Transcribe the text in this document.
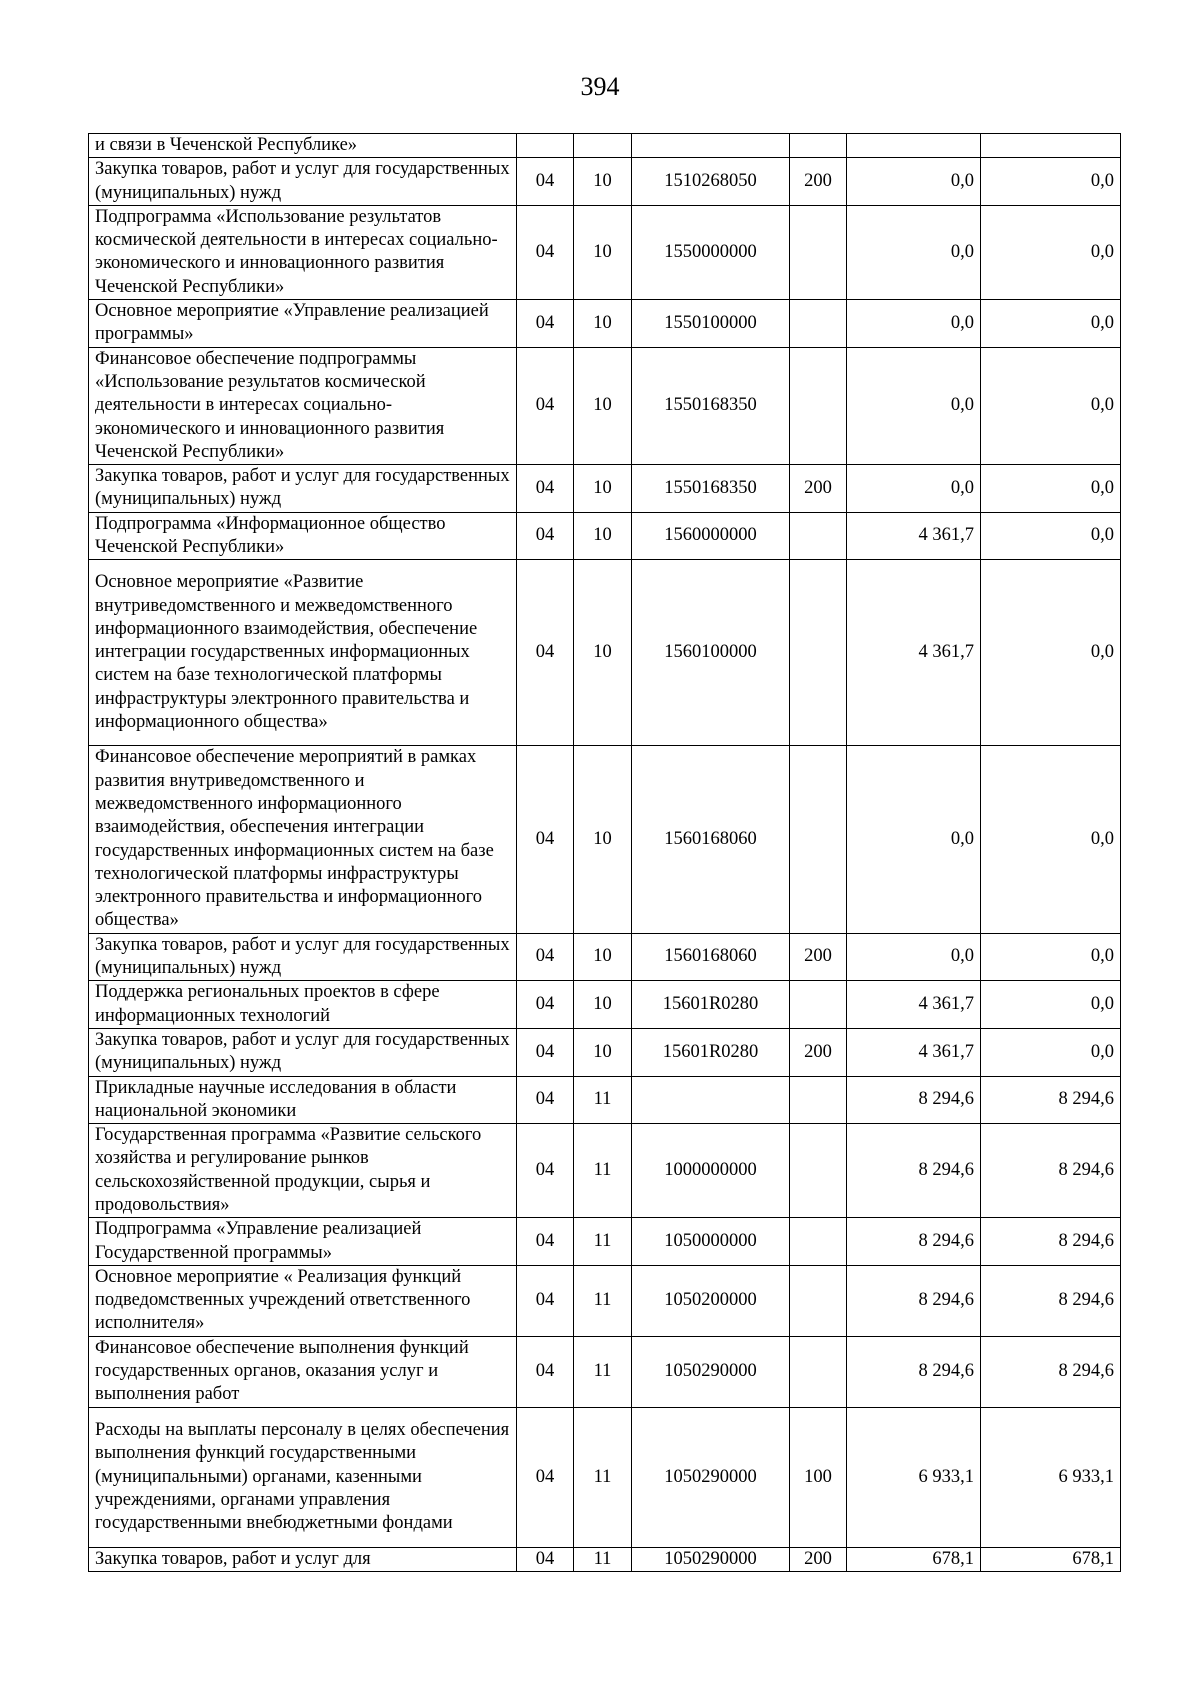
394
и связи в Чеченской Республике»						
Закупка товаров, работ и услуг для государственных (муниципальных) нужд	04	10	1510268050	200	0,0	0,0
Подпрограмма «Использование результатов космической деятельности в интересах социально-экономического и инновационного развития Чеченской Республики»	04	10	1550000000		0,0	0,0
Основное мероприятие «Управление реализацией программы»	04	10	1550100000		0,0	0,0
Финансовое обеспечение подпрограммы «Использование результатов космической деятельности в интересах социально-экономического и инновационного развития Чеченской Республики»	04	10	1550168350		0,0	0,0
Закупка товаров, работ и услуг для государственных (муниципальных) нужд	04	10	1550168350	200	0,0	0,0
Подпрограмма «Информационное общество Чеченской Республики»	04	10	1560000000		4 361,7	0,0
Основное мероприятие «Развитие внутриведомственного и межведомственного информационного взаимодействия, обеспечение интеграции государственных информационных систем на базе технологической платформы инфраструктуры электронного правительства и информационного общества»	04	10	1560100000		4 361,7	0,0
Финансовое обеспечение мероприятий в рамках развития внутриведомственного и межведомственного информационного взаимодействия, обеспечения интеграции государственных информационных систем на базе технологической платформы инфраструктуры электронного правительства и информационного общества»	04	10	1560168060		0,0	0,0
Закупка товаров, работ и услуг для государственных (муниципальных) нужд	04	10	1560168060	200	0,0	0,0
Поддержка региональных проектов в сфере информационных технологий	04	10	15601R0280		4 361,7	0,0
Закупка товаров, работ и услуг для государственных (муниципальных) нужд	04	10	15601R0280	200	4 361,7	0,0
Прикладные научные исследования в области национальной экономики	04	11			8 294,6	8 294,6
Государственная программа «Развитие сельского хозяйства и регулирование рынков сельскохозяйственной продукции, сырья и продовольствия»	04	11	1000000000		8 294,6	8 294,6
Подпрограмма «Управление реализацией Государственной программы»	04	11	1050000000		8 294,6	8 294,6
Основное мероприятие « Реализация функций подведомственных учреждений ответственного исполнителя»	04	11	1050200000		8 294,6	8 294,6
Финансовое обеспечение выполнения функций государственных органов, оказания услуг и выполнения работ	04	11	1050290000		8 294,6	8 294,6
Расходы на выплаты персоналу в целях обеспечения выполнения функций государственными (муниципальными) органами, казенными учреждениями, органами управления государственными внебюджетными фондами	04	11	1050290000	100	6 933,1	6 933,1
Закупка товаров, работ и услуг для	04	11	1050290000	200	678,1	678,1
